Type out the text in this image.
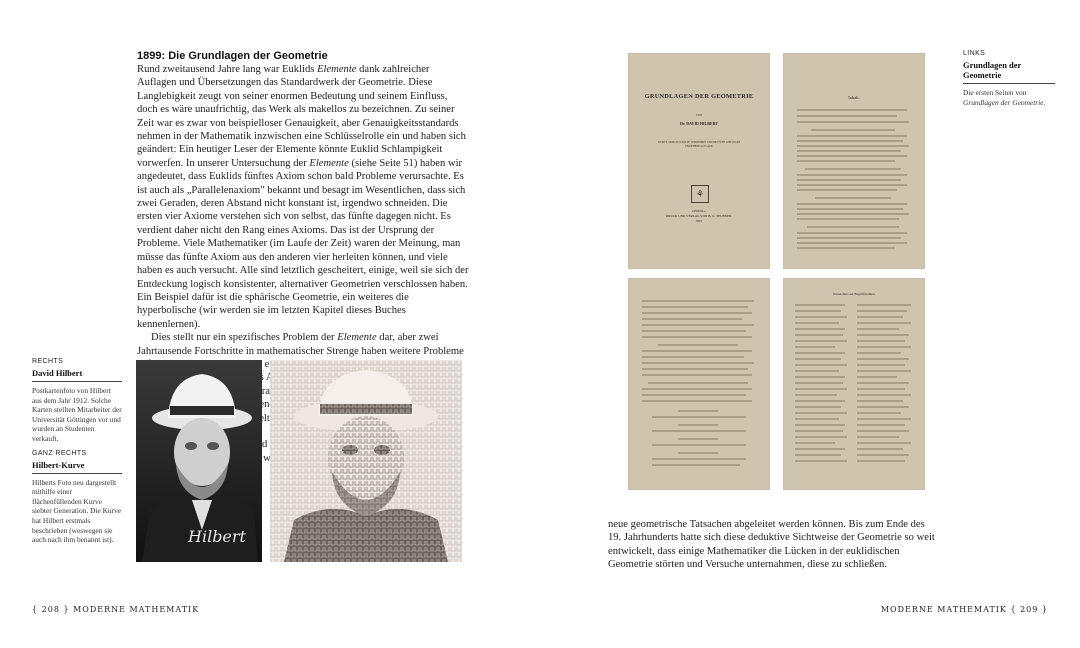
1899: Die Grundlagen der Geometrie

Rund zweitausend Jahre lang war Euklids Elemente dank zahlreicher Auflagen und Übersetzungen das Standardwerk der Geometrie. Diese Langlebigkeit zeugt von seiner enormen Bedeutung und seinem Einfluss, doch es wäre unaufrichtig, das Werk als makellos zu bezeichnen. Zu seiner Zeit war es zwar von beispielloser Genauigkeit, aber Genauigkeitsstandards nehmen in der Mathematik inzwischen eine Schlüsselrolle ein und haben sich geändert: Ein heutiger Leser der Elemente könnte Euklid Schlampigkeit vorwerfen. In unserer Untersuchung der Elemente (siehe Seite 51) haben wir angedeutet, dass Euklids fünftes Axiom schon bald Probleme verursachte. Es ist auch als „Parallelenaxiom" bekannt und besagt im Wesentlichen, dass sich zwei Geraden, deren Abstand nicht konstant ist, irgendwo schneiden. Die ersten vier Axiome verstehen sich von selbst, das fünfte dagegen nicht. Es verdient daher nicht den Rang eines Axioms. Das ist der Ursprung der Probleme. Viele Mathematiker (im Laufe der Zeit) waren der Meinung, man müsse das fünfte Axiom aus den anderen vier herleiten können, und viele haben es auch versucht. Alle sind letztlich gescheitert, einige, weil sie sich der Entdeckung logisch konsistenter, alternativer Geometrien verschlossen haben. Ein Beispiel dafür ist die sphärische Geometrie, ein weiteres die hyperbolische (wir werden sie im letzten Kapitel dieses Buches kennenlernen).

Dies stellt nur ein spezifisches Problem der Elemente dar, aber zwei Jahrtausende Fortschritte in mathematischer Strenge haben weitere Probleme darauf

RECHTS
David Hilbert
Postkartenfoto von Hilbert aus dem Jahr 1912. Solche Karten stellten Mitarbeiter der Universität Göttingen vor und wurden an Studenten verkauft.
GANZ RECHTS
Hilbert-Kurve
Hilberts Foto neu dargestellt mithilfe einer flächenfüllenden Kurve siebter Generation. Die Kurve hat Hilbert erstmals beschrieben (weswegen sie auch nach ihm benannt ist).	Hilbert
GRUNDLAGEN DER GEOMETRIE
VON
Dr. DAVID HILBERT
ZWEITE, DURCH ZUSÄTZE VERMEHRTE UND MIT FÜNF ANHÄNGEN VERSEHENE AUFLAGE.
⚘
LEIPZIG,
DRUCK UND VERLAG VON B. G. TEUBNER.
1903.
Inhalt.
Verzeichnis der Begriffsnamen.
LINKS
Grundlagen der Geometrie
Die ersten Seiten von Grundlagen der Geometrie.
neue geometrische Tatsachen abgeleitet werden können. Bis zum Ende des 19. Jahrhunderts hatte sich diese deduktive Sichtweise der Geometrie so weit entwickelt, dass einige Mathematiker die Lücken in der euklidischen Geometrie störten und Versuche unternahmen, diese zu schließen.
{ 208 } MODERNE MATHEMATIK	MODERNE MATHEMATIK { 209 }
